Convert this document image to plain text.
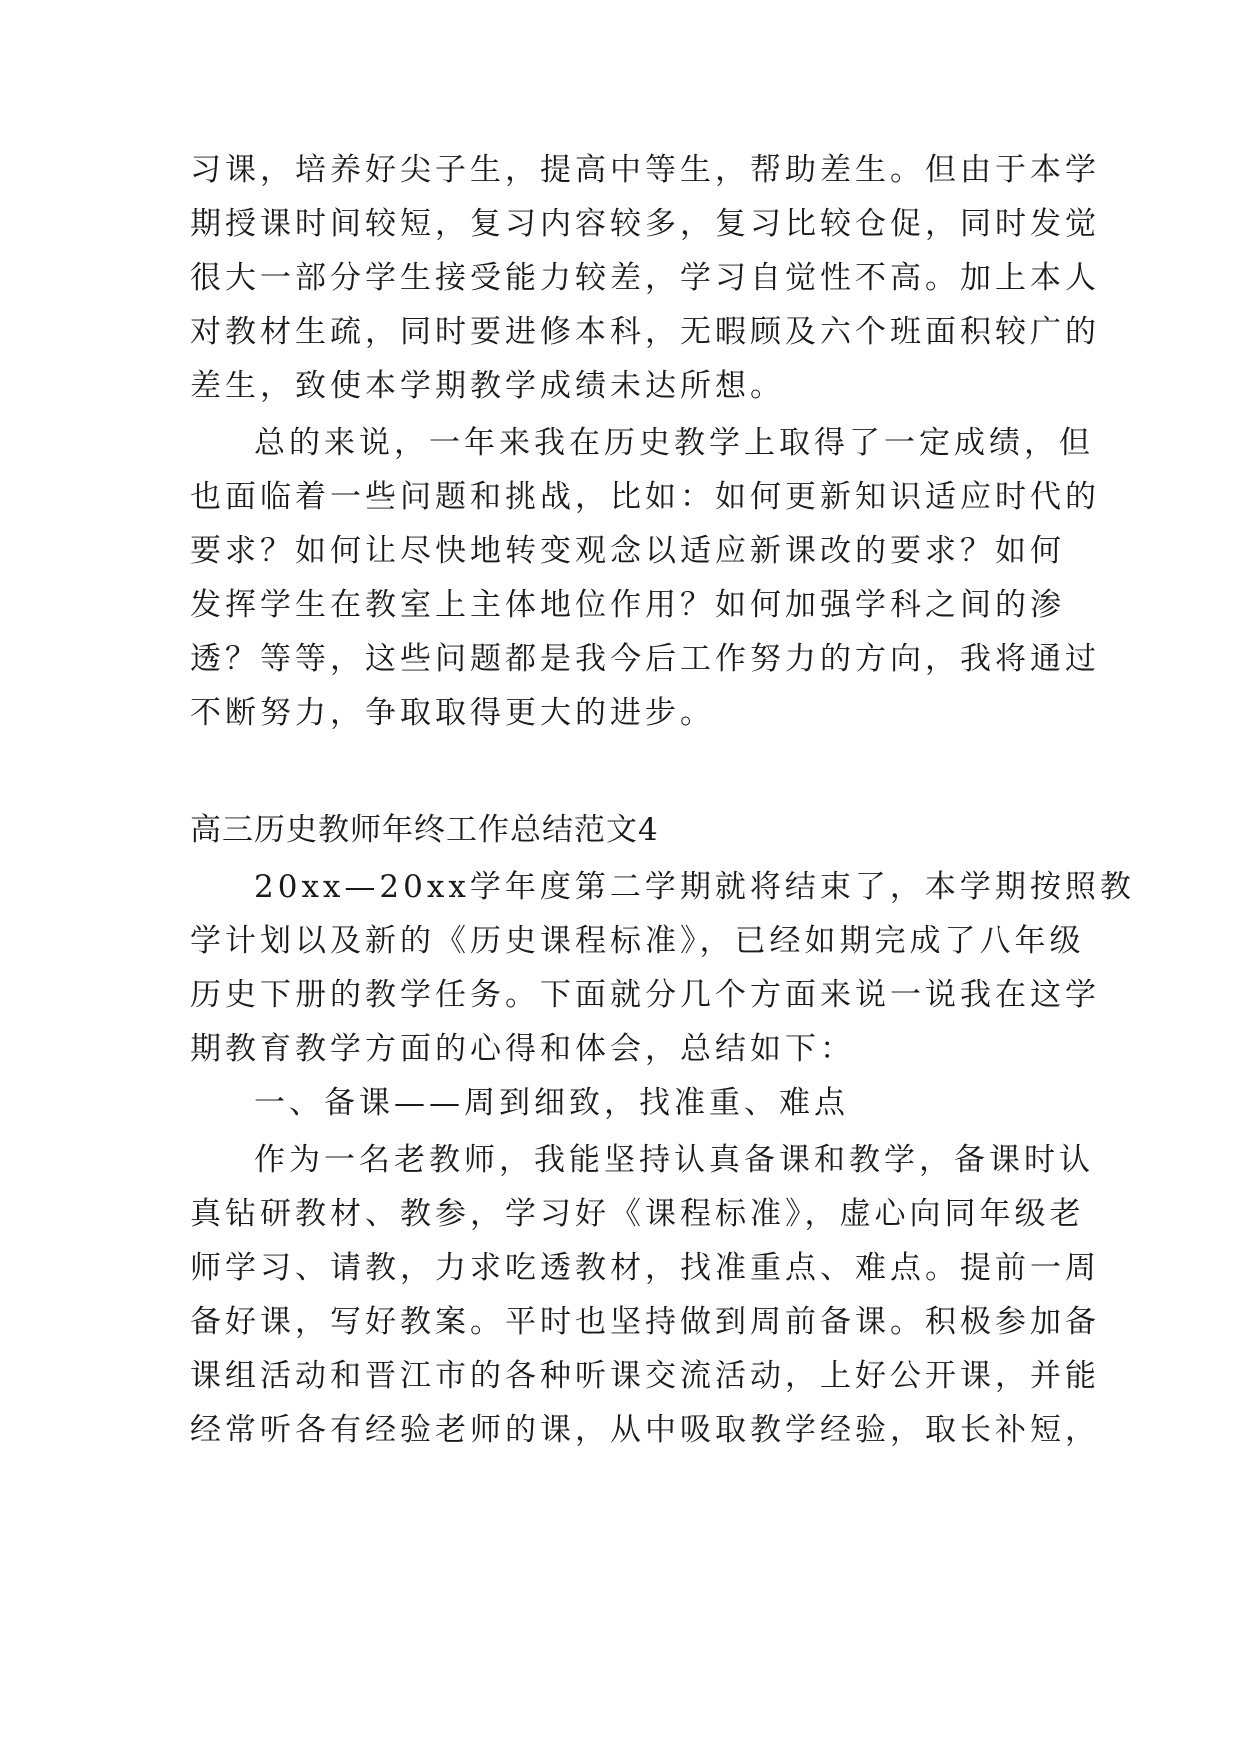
习课，培养好尖子生，提高中等生，帮助差生。但由于本学
期授课时间较短，复习内容较多，复习比较仓促，同时发觉
很大一部分学生接受能力较差，学习自觉性不高。加上本人
对教材生疏，同时要进修本科，无暇顾及六个班面积较广的
差生，致使本学期教学成绩未达所想。
总的来说，一年来我在历史教学上取得了一定成绩，但
也面临着一些问题和挑战，比如：如何更新知识适应时代的
要求？如何让尽快地转变观念以适应新课改的要求？如何
发挥学生在教室上主体地位作用？如何加强学科之间的渗
透？等等，这些问题都是我今后工作努力的方向，我将通过
不断努力，争取取得更大的进步。
高三历史教师年终工作总结范文4
20xx—20xx学年度第二学期就将结束了，本学期按照教
学计划以及新的《历史课程标准》，已经如期完成了八年级
历史下册的教学任务。下面就分几个方面来说一说我在这学
期教育教学方面的心得和体会，总结如下：
一、备课——周到细致，找准重、难点
作为一名老教师，我能坚持认真备课和教学，备课时认
真钻研教材、教参，学习好《课程标准》，虚心向同年级老
师学习、请教，力求吃透教材，找准重点、难点。提前一周
备好课，写好教案。平时也坚持做到周前备课。积极参加备
课组活动和晋江市的各种听课交流活动，上好公开课，并能
经常听各有经验老师的课，从中吸取教学经验，取长补短，
